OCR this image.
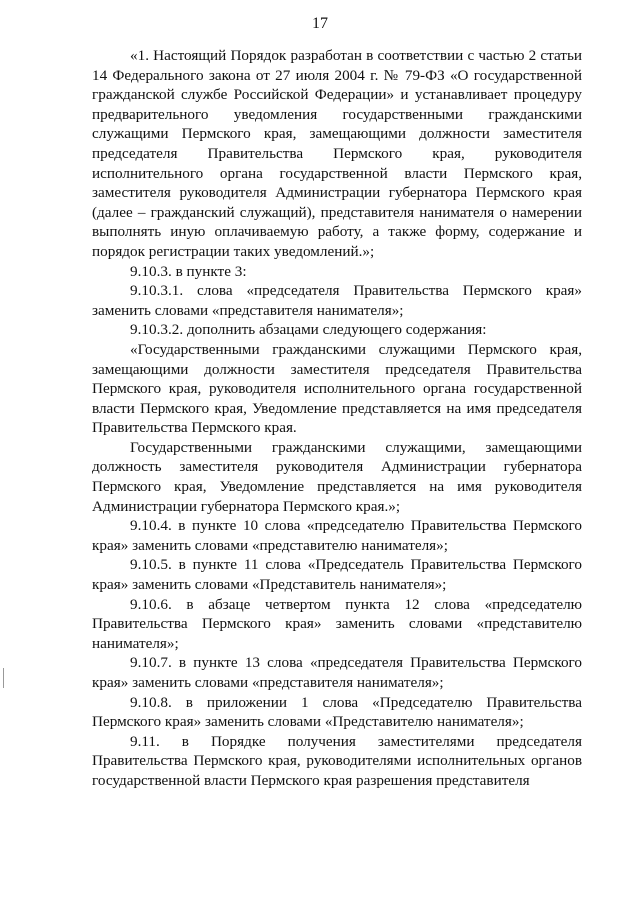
17

«1. Настоящий Порядок разработан в соответствии с частью 2 статьи 14 Федерального закона от 27 июля 2004 г. № 79-ФЗ «О государственной гражданской службе Российской Федерации» и устанавливает процедуру предварительного уведомления государственными гражданскими служащими Пермского края, замещающими должности заместителя председателя Правительства Пермского края, руководителя исполнительного органа государственной власти Пермского края, заместителя руководителя Администрации губернатора Пермского края (далее – гражданский служащий), представителя нанимателя о намерении выполнять иную оплачиваемую работу, а также форму, содержание и порядок регистрации таких уведомлений.»;

9.10.3. в пункте 3:

9.10.3.1. слова «председателя Правительства Пермского края» заменить словами «представителя нанимателя»;

9.10.3.2. дополнить абзацами следующего содержания:

«Государственными гражданскими служащими Пермского края, замещающими должности заместителя председателя Правительства Пермского края, руководителя исполнительного органа государственной власти Пермского края, Уведомление представляется на имя председателя Правительства Пермского края.

Государственными гражданскими служащими, замещающими должность заместителя руководителя Администрации губернатора Пермского края, Уведомление представляется на имя руководителя Администрации губернатора Пермского края.»;

9.10.4. в пункте 10 слова «председателю Правительства Пермского края» заменить словами «представителю нанимателя»;

9.10.5. в пункте 11 слова «Председатель Правительства Пермского края» заменить словами «Представитель нанимателя»;

9.10.6. в абзаце четвертом пункта 12 слова «председателю Правительства Пермского края» заменить словами «представителю нанимателя»;

9.10.7. в пункте 13 слова «председателя Правительства Пермского края» заменить словами «представителя нанимателя»;

9.10.8. в приложении 1 слова «Председателю Правительства Пермского края» заменить словами «Представителю нанимателя»;

9.11. в Порядке получения заместителями председателя Правительства Пермского края, руководителями исполнительных органов государственной власти Пермского края разрешения представителя
